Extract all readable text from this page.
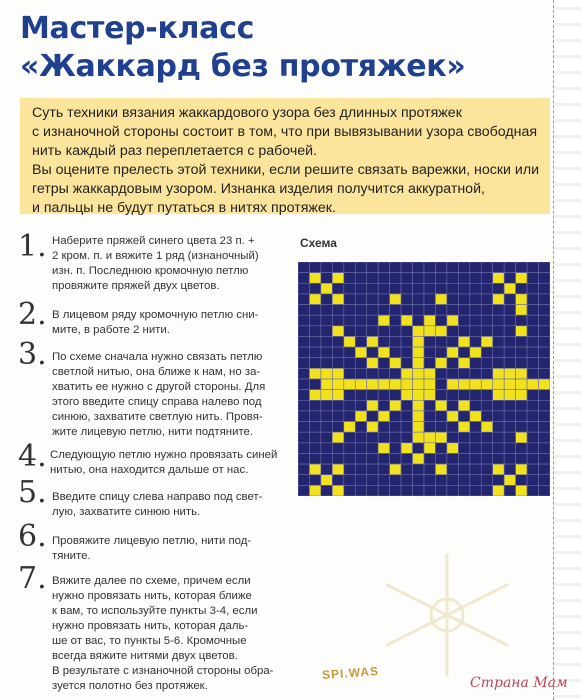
Мастер-класс
«Жаккард без протяжек»

Суть техники вязания жаккардового узора без длинных протяжек

с изнаночной стороны состоит в том, что при вывязывании узора свободная

нить каждый раз переплетается с рабочей.

Вы оцените прелесть этой техники, если решите связать варежки, носки или

гетры жаккардовым узором. Изнанка изделия получится аккуратной,

и пальцы не будут путаться в нитях протяжек.

1. Наберите пряжей синего цвета 23 п. +
2 кром. п. и вяжите 1 ряд (изнаночный)
изн. п. Последнюю кромочную петлю
провяжите пряжей двух цветов.
2. В лицевом ряду кромочную петлю сни-
мите, в работе 2 нити.
3. По схеме сначала нужно связать петлю
светлой нитью, она ближе к нам, но за-
хватить ее нужно с другой стороны. Для
этого введите спицу справа налево под
синюю, захватите светлую нить. Провя-
жите лицевую петлю, нити подтяните.
4. Следующую петлю нужно провязать синей
нитью, она находится дальше от нас.
5. Введите спицу слева направо под свет-
лую, захватите синюю нить.
6. Провяжите лицевую петлю, нити под-
тяните.
7. Вяжите далее по схеме, причем если
нужно провязать нить, которая ближе
к вам, то используйте пункты 3-4, если
нужно провязать нить, которая даль-
ше от вас, то пункты 5-6. Кромочные
всегда вяжите нитями двух цветов.
В результате с изнаночной стороны обра-
зуется полотно без протяжек.
Схема
SPI.WAS
Страна Мам
